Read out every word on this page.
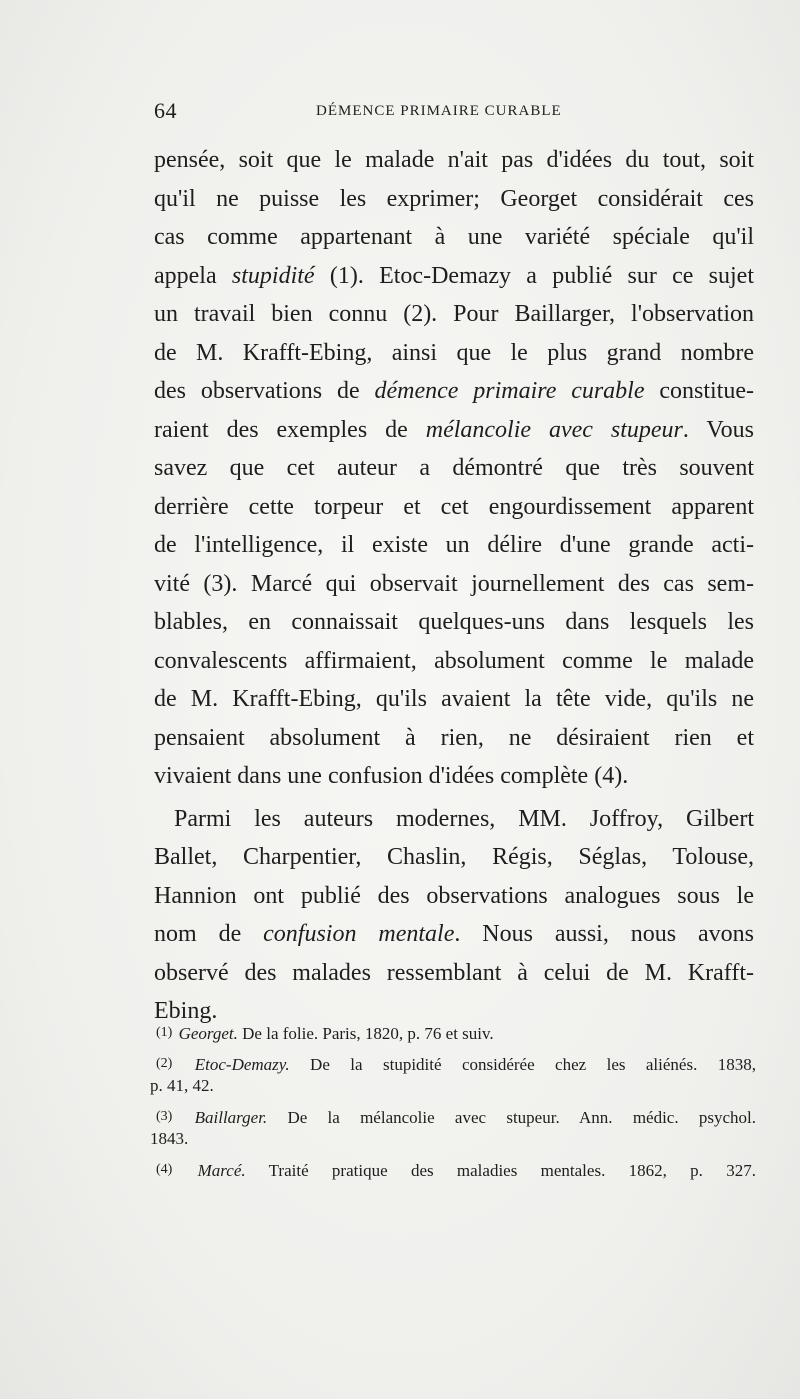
64	DÉMENCE PRIMAIRE CURABLE
pensée, soit que le malade n'ait pas d'idées du tout, soit
qu'il ne puisse les exprimer; Georget considérait ces
cas comme appartenant à une variété spéciale qu'il
appela stupidité (1). Etoc-Demazy a publié sur ce sujet
un travail bien connu (2). Pour Baillarger, l'observation
de M. Krafft-Ebing, ainsi que le plus grand nombre
des observations de démence primaire curable constitue-
raient des exemples de mélancolie avec stupeur. Vous
savez que cet auteur a démontré que très souvent
derrière cette torpeur et cet engourdissement apparent
de l'intelligence, il existe un délire d'une grande acti-
vité (3). Marcé qui observait journellement des cas sem-
blables, en connaissait quelques-uns dans lesquels les
convalescents affirmaient, absolument comme le malade
de M. Krafft-Ebing, qu'ils avaient la tête vide, qu'ils ne
pensaient absolument à rien, ne désiraient rien et
vivaient dans une confusion d'idées complète (4).
Parmi les auteurs modernes, MM. Joffroy, Gilbert
Ballet, Charpentier, Chaslin, Régis, Séglas, Tolouse,
Hannion ont publié des observations analogues sous le
nom de confusion mentale. Nous aussi, nous avons
observé des malades ressemblant à celui de M. Krafft-
Ebing.
(1) Georget. De la folie. Paris, 1820, p. 76 et suiv.
(2) Etoc-Demazy. De la stupidité considérée chez les aliénés. 1838,
p. 41, 42.
(3) Baillarger. De la mélancolie avec stupeur. Ann. médic. psychol.
1843.
(4) Marcé. Traité pratique des maladies mentales. 1862, p. 327.
